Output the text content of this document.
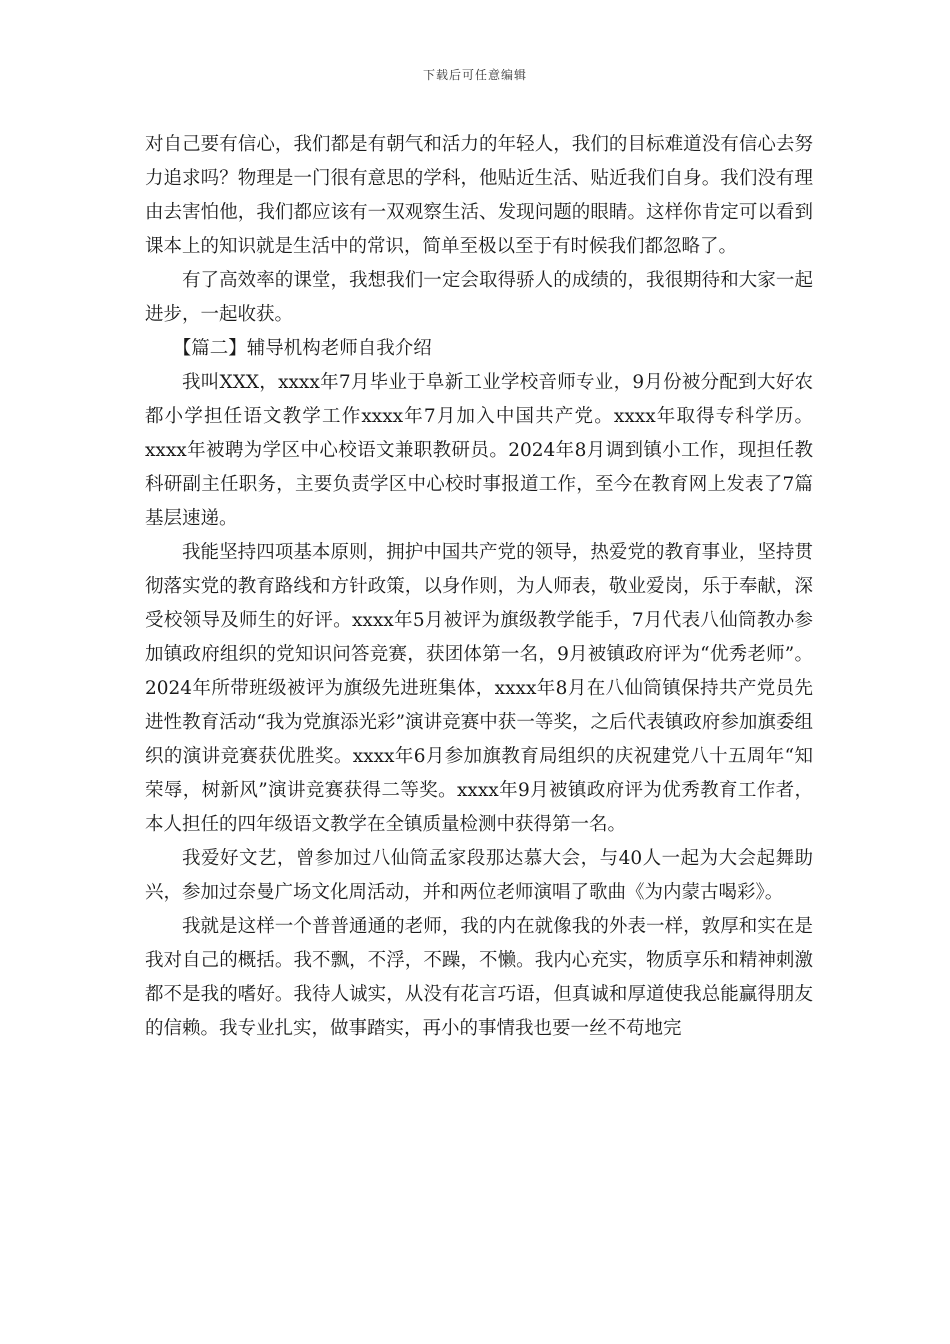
下载后可任意编辑

对自己要有信心，我们都是有朝气和活力的年轻人，我们的目标难道没有信心去努力追求吗？物理是一门很有意思的学科，他贴近生活、贴近我们自身。我们没有理由去害怕他，我们都应该有一双观察生活、发现问题的眼睛。这样你肯定可以看到课本上的知识就是生活中的常识，简单至极以至于有时候我们都忽略了。

有了高效率的课堂，我想我们一定会取得骄人的成绩的，我很期待和大家一起进步，一起收获。

【篇二】辅导机构老师自我介绍

我叫XXX，xxxx年7月毕业于阜新工业学校音师专业，9月份被分配到大好农都小学担任语文教学工作xxxx年7月加入中国共产党。xxxx年取得专科学历。xxxx年被聘为学区中心校语文兼职教研员。2024年8月调到镇小工作，现担任教科研副主任职务，主要负责学区中心校时事报道工作，至今在教育网上发表了7篇基层速递。

我能坚持四项基本原则，拥护中国共产党的领导，热爱党的教育事业，坚持贯彻落实党的教育路线和方针政策，以身作则，为人师表，敬业爱岗，乐于奉献，深受校领导及师生的好评。xxxx年5月被评为旗级教学能手，7月代表八仙筒教办参加镇政府组织的党知识问答竞赛，获团体第一名，9月被镇政府评为“优秀老师”。2024年所带班级被评为旗级先进班集体，xxxx年8月在八仙筒镇保持共产党员先进性教育活动“我为党旗添光彩”演讲竞赛中获一等奖，之后代表镇政府参加旗委组织的演讲竞赛获优胜奖。xxxx年6月参加旗教育局组织的庆祝建党八十五周年“知荣辱，树新风”演讲竞赛获得二等奖。xxxx年9月被镇政府评为优秀教育工作者，本人担任的四年级语文教学在全镇质量检测中获得第一名。

我爱好文艺，曾参加过八仙筒孟家段那达慕大会，与40人一起为大会起舞助兴，参加过奈曼广场文化周活动，并和两位老师演唱了歌曲《为内蒙古喝彩》。

我就是这样一个普普通通的老师，我的内在就像我的外表一样，敦厚和实在是我对自己的概括。我不飘，不浮，不躁，不懒。我内心充实，物质享乐和精神刺激都不是我的嗜好。我待人诚实，从没有花言巧语，但真诚和厚道使我总能赢得朋友的信赖。我专业扎实，做事踏实，再小的事情我也要一丝不苟地完
